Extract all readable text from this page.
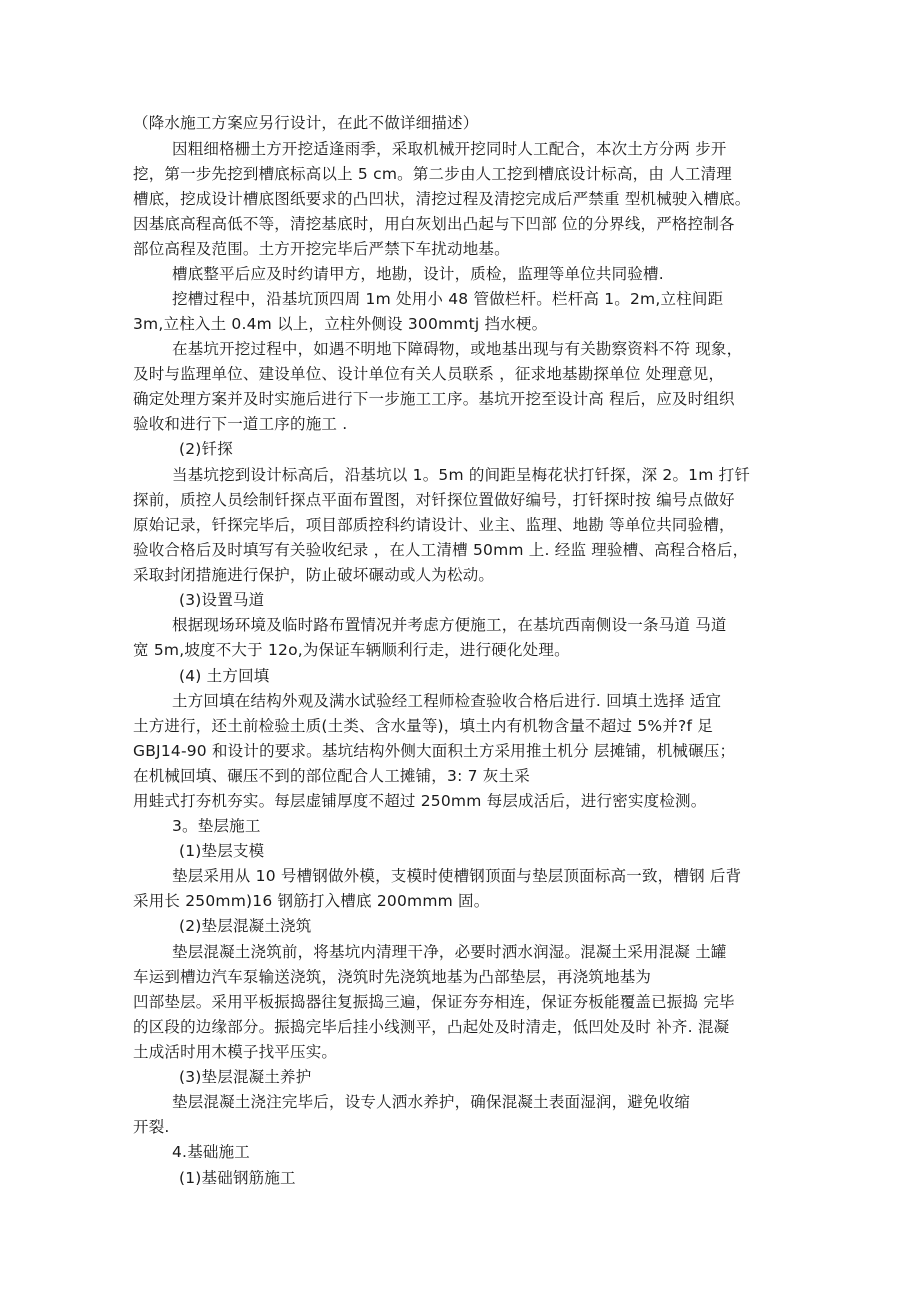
（降水施工方案应另行设计，在此不做详细描述）
因粗细格栅土方开挖适逢雨季，采取机械开挖同时人工配合，本次土方分两 步开
挖，第一步先挖到槽底标高以上 5 cm。第二步由人工挖到槽底设计标高，由 人工清理
槽底，挖成设计槽底图纸要求的凸凹状，清挖过程及清挖完成后严禁重 型机械驶入槽底。
因基底高程高低不等，清挖基底时，用白灰划出凸起与下凹部 位的分界线，严格控制各
部位高程及范围。土方开挖完毕后严禁下车扰动地基。
槽底整平后应及时约请甲方，地勘，设计，质检，监理等单位共同验槽.
挖槽过程中，沿基坑顶四周 1m 处用小 48 管做栏杆。栏杆高 1。2m,立柱间距
3m,立柱入土 0.4m 以上，立柱外侧设 300mmtj 挡水梗。
在基坑开挖过程中，如遇不明地下障碍物，或地基出现与有关勘察资料不符 现象，
及时与监理单位、建设单位、设计单位有关人员联系 ，征求地基勘探单位 处理意见，
确定处理方案并及时实施后进行下一步施工工序。基坑开挖至设计高 程后，应及时组织
验收和进行下一道工序的施工 .
(2)钎探
当基坑挖到设计标高后，沿基坑以 1。5m 的间距呈梅花状打钎探，深 2。1m 打钎
探前，质控人员绘制钎探点平面布置图，对钎探位置做好编号，打钎探时按 编号点做好
原始记录，钎探完毕后，项目部质控科约请设计、业主、监理、地勘 等单位共同验槽，
验收合格后及时填写有关验收纪录 ，在人工清槽 50mm 上. 经监 理验槽、高程合格后，
采取封闭措施进行保护，防止破坏碾动或人为松动。
(3)设置马道
根据现场环境及临时路布置情况并考虑方便施工，在基坑西南侧设一条马道 马道
宽 5m,坡度不大于 12o,为保证车辆顺利行走，进行硬化处理。
(4) 土方回填
土方回填在结构外观及满水试验经工程师检查验收合格后进行. 回填土选择 适宜
土方进行，还土前检验土质(土类、含水量等)，填土内有机物含量不超过 5%并?f 足
GBJ14-90 和设计的要求。基坑结构外侧大面积土方采用推土机分 层摊铺，机械碾压；
在机械回填、碾压不到的部位配合人工摊铺，3: 7 灰土采
用蛙式打夯机夯实。每层虚铺厚度不超过 250mm 每层成活后，进行密实度检测。
3。垫层施工
(1)垫层支模
垫层采用从 10 号槽钢做外模，支模时使槽钢顶面与垫层顶面标高一致，槽钢 后背
采用长 250mm)16 钢筋打入槽底 200mmm 固。
(2)垫层混凝土浇筑
垫层混凝土浇筑前，将基坑内清理干净，必要时洒水润湿。混凝土采用混凝 土罐
车运到槽边汽车泵输送浇筑，浇筑时先浇筑地基为凸部垫层，再浇筑地基为
凹部垫层。采用平板振捣器往复振捣三遍，保证夯夯相连，保证夯板能覆盖已振捣 完毕
的区段的边缘部分。振捣完毕后挂小线测平，凸起处及时清走，低凹处及时 补齐. 混凝
土成活时用木模子找平压实。
(3)垫层混凝土养护
垫层混凝土浇注完毕后，设专人洒水养护，确保混凝土表面湿润，避免收缩
开裂.
4.基础施工
(1)基础钢筋施工
